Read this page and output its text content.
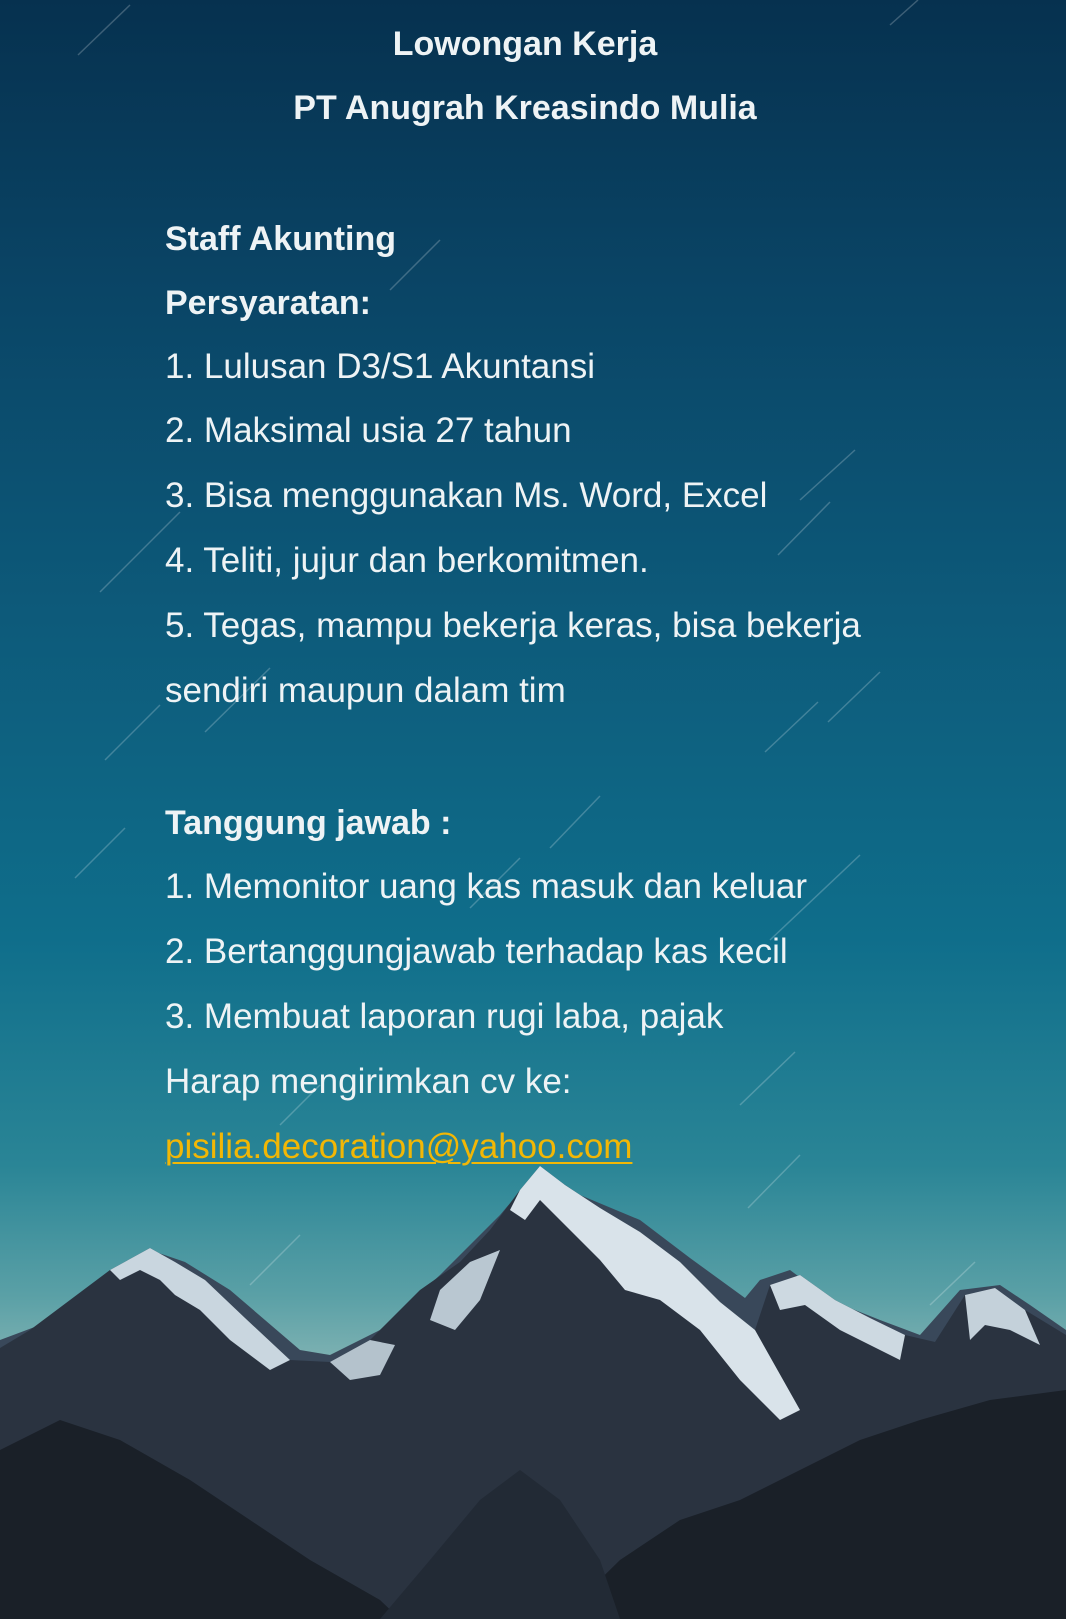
Lowongan Kerja
PT Anugrah Kreasindo Mulia
Staff Akunting
Persyaratan:
1. Lulusan D3/S1 Akuntansi
2. Maksimal usia 27 tahun
3. Bisa menggunakan Ms. Word, Excel
4. Teliti, jujur dan berkomitmen.
5. Tegas, mampu bekerja keras, bisa bekerja
sendiri maupun dalam tim
Tanggung jawab :
1. Memonitor uang kas masuk dan keluar
2. Bertanggungjawab terhadap kas kecil
3. Membuat laporan rugi laba, pajak
Harap mengirimkan cv ke:
pisilia.decoration@yahoo.com
